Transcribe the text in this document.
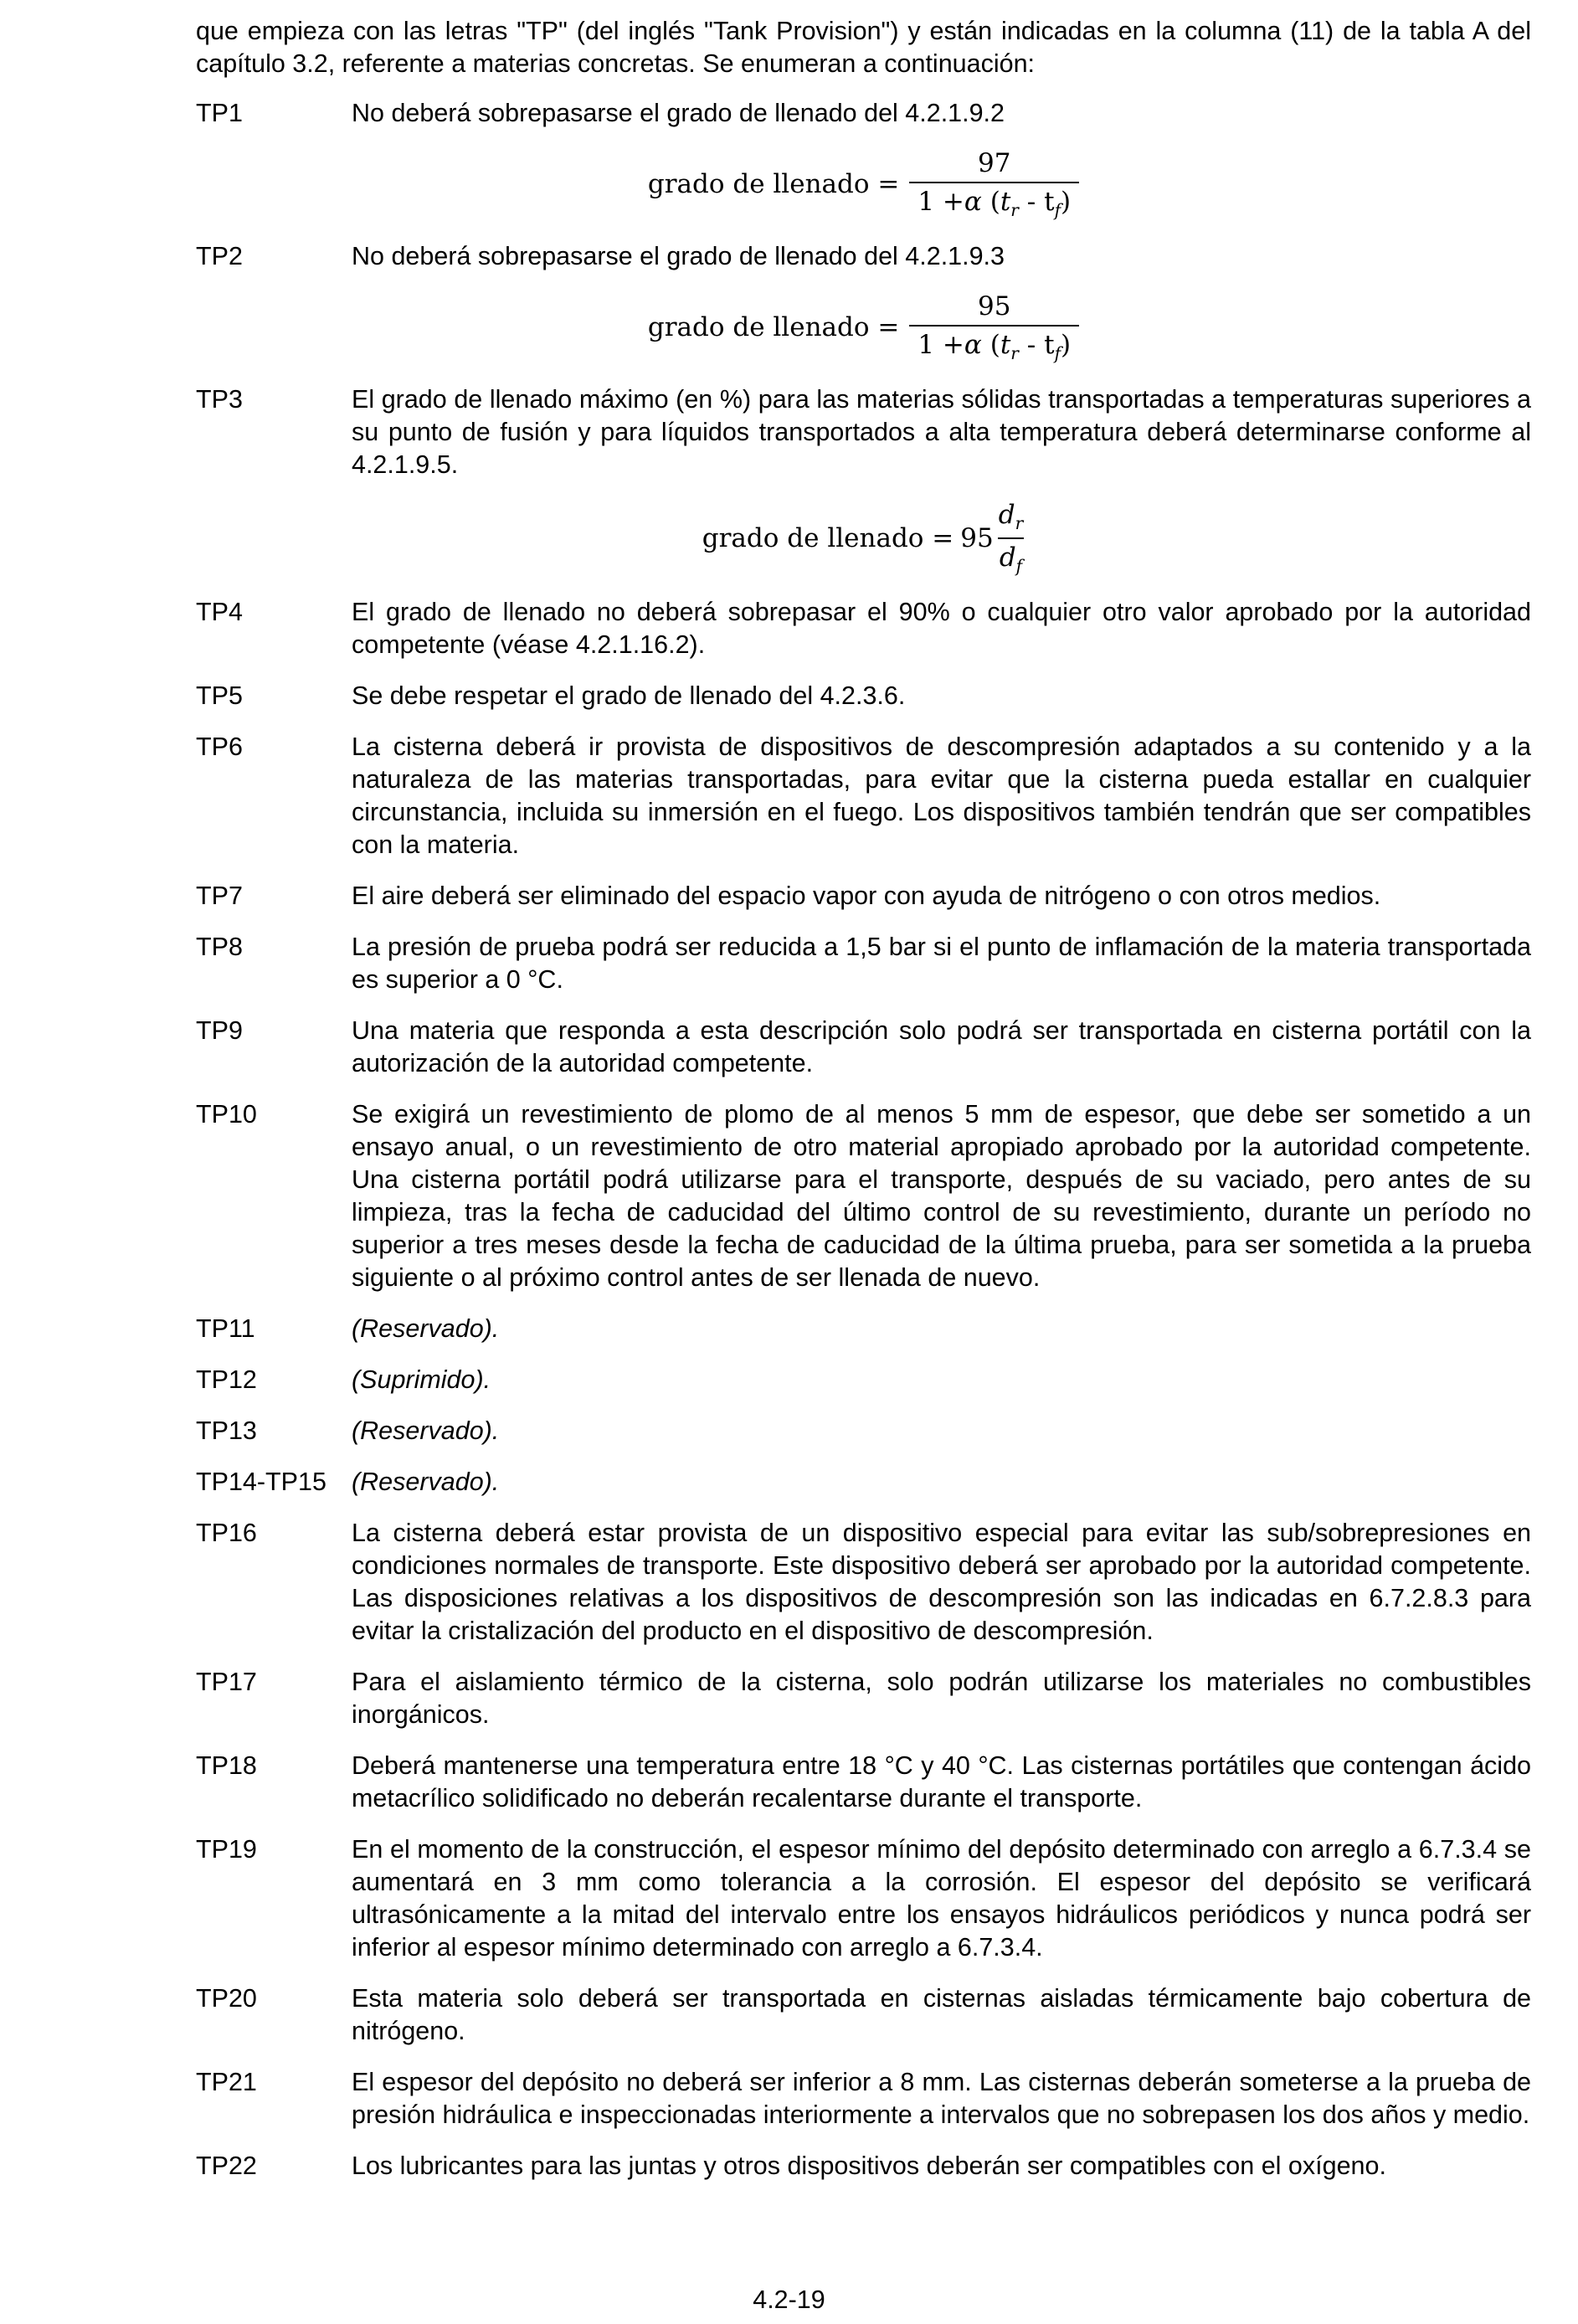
que empieza con las letras "TP" (del inglés "Tank Provision") y están indicadas en la columna (11) de la tabla A del capítulo 3.2, referente a materias concretas. Se enumeran a continuación:

TP1	No deberá sobrepasarse el grado de llenado del 4.2.1.9.2
grado de llenado = $\frac{97}{1 +\alpha (t_r - t_f)}$
TP2	No deberá sobrepasarse el grado de llenado del 4.2.1.9.3
grado de llenado = $\frac{95}{1 +\alpha (t_r - t_f)}$
TP3	El grado de llenado máximo (en %) para las materias sólidas transportadas a temperaturas superiores a su punto de fusión y para líquidos transportados a alta temperatura deberá determinarse conforme al 4.2.1.9.5.
grado de llenado = $95 \frac{d_r}{d_f}$
TP4	El grado de llenado no deberá sobrepasar el 90% o cualquier otro valor aprobado por la autoridad competente (véase 4.2.1.16.2).
TP5	Se debe respetar el grado de llenado del 4.2.3.6.
TP6	La cisterna deberá ir provista de dispositivos de descompresión adaptados a su contenido y a la naturaleza de las materias transportadas, para evitar que la cisterna pueda estallar en cualquier circunstancia, incluida su inmersión en el fuego. Los dispositivos también tendrán que ser compatibles con la materia.
TP7	El aire deberá ser eliminado del espacio vapor con ayuda de nitrógeno o con otros medios.
TP8	La presión de prueba podrá ser reducida a 1,5 bar si el punto de inflamación de la materia transportada es superior a 0 °C.
TP9	Una materia que responda a esta descripción solo podrá ser transportada en cisterna portátil con la autorización de la autoridad competente.
TP10	Se exigirá un revestimiento de plomo de al menos 5 mm de espesor, que debe ser sometido a un ensayo anual, o un revestimiento de otro material apropiado aprobado por la autoridad competente. Una cisterna portátil podrá utilizarse para el transporte, después de su vaciado, pero antes de su limpieza, tras la fecha de caducidad del último control de su revestimiento, durante un período no superior a tres meses desde la fecha de caducidad de la última prueba, para ser sometida a la prueba siguiente o al próximo control antes de ser llenada de nuevo.
TP11	(Reservado).
TP12	(Suprimido).
TP13	(Reservado).
TP14-TP15 (Reservado).
TP16	La cisterna deberá estar provista de un dispositivo especial para evitar las sub/sobrepresiones en condiciones normales de transporte. Este dispositivo deberá ser aprobado por la autoridad competente. Las disposiciones relativas a los dispositivos de descompresión son las indicadas en 6.7.2.8.3 para evitar la cristalización del producto en el dispositivo de descompresión.
TP17	Para el aislamiento térmico de la cisterna, solo podrán utilizarse los materiales no combustibles inorgánicos.
TP18	Deberá mantenerse una temperatura entre 18 °C y 40 °C. Las cisternas portátiles que contengan ácido metacrílico solidificado no deberán recalentarse durante el transporte.
TP19	En el momento de la construcción, el espesor mínimo del depósito determinado con arreglo a 6.7.3.4 se aumentará en 3 mm como tolerancia a la corrosión. El espesor del depósito se verificará ultrasónicamente a la mitad del intervalo entre los ensayos hidráulicos periódicos y nunca podrá ser inferior al espesor mínimo determinado con arreglo a 6.7.3.4.
TP20	Esta materia solo deberá ser transportada en cisternas aisladas térmicamente bajo cobertura de nitrógeno.
TP21	El espesor del depósito no deberá ser inferior a 8 mm. Las cisternas deberán someterse a la prueba de presión hidráulica e inspeccionadas interiormente a intervalos que no sobrepasen los dos años y medio.
TP22	Los lubricantes para las juntas y otros dispositivos deberán ser compatibles con el oxígeno.
4.2-19
